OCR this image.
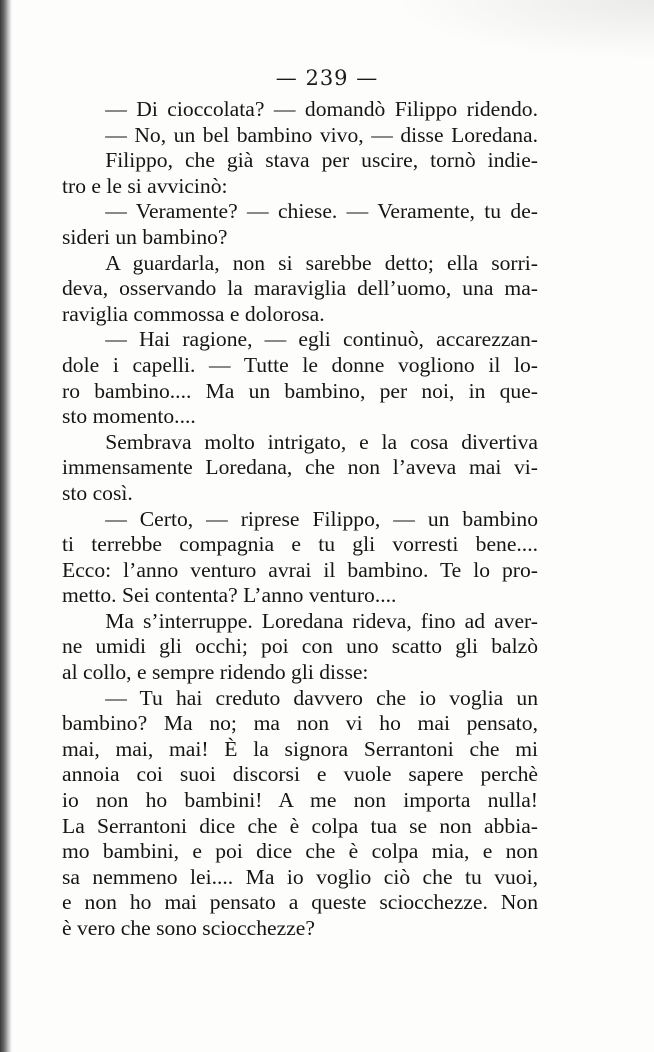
— 239 —
  — Di cioccolata? — domandò Filippo ridendo.
  — No, un bel bambino vivo, — disse Loredana.
  Filippo, che già stava per uscire, tornò indie-
tro e le si avvicinò:
  — Veramente? — chiese. — Veramente, tu de-
sideri un bambino?
  A guardarla, non si sarebbe detto; ella sorri-
deva, osservando la maraviglia dell’uomo, una ma-
raviglia commossa e dolorosa.
  — Hai ragione, — egli continuò, accarezzan-
dole i capelli. — Tutte le donne vogliono il lo-
ro bambino.... Ma un bambino, per noi, in que-
sto momento....
  Sembrava molto intrigato, e la cosa divertiva
immensamente Loredana, che non l’aveva mai vi-
sto così.
  — Certo, — riprese Filippo, — un bambino
ti terrebbe compagnia e tu gli vorresti bene....
Ecco: l’anno venturo avrai il bambino. Te lo pro-
metto. Sei contenta? L’anno venturo....
  Ma s’interruppe. Loredana rideva, fino ad aver-
ne umidi gli occhi; poi con uno scatto gli balzò
al collo, e sempre ridendo gli disse:
  — Tu hai creduto davvero che io voglia un
bambino? Ma no; ma non vi ho mai pensato,
mai, mai, mai! È la signora Serrantoni che mi
annoia coi suoi discorsi e vuole sapere perchè
io non ho bambini! A me non importa nulla!
La Serrantoni dice che è colpa tua se non abbia-
mo bambini, e poi dice che è colpa mia, e non
sa nemmeno lei.... Ma io voglio ciò che tu vuoi,
e non ho mai pensato a queste sciocchezze. Non
è vero che sono sciocchezze?
